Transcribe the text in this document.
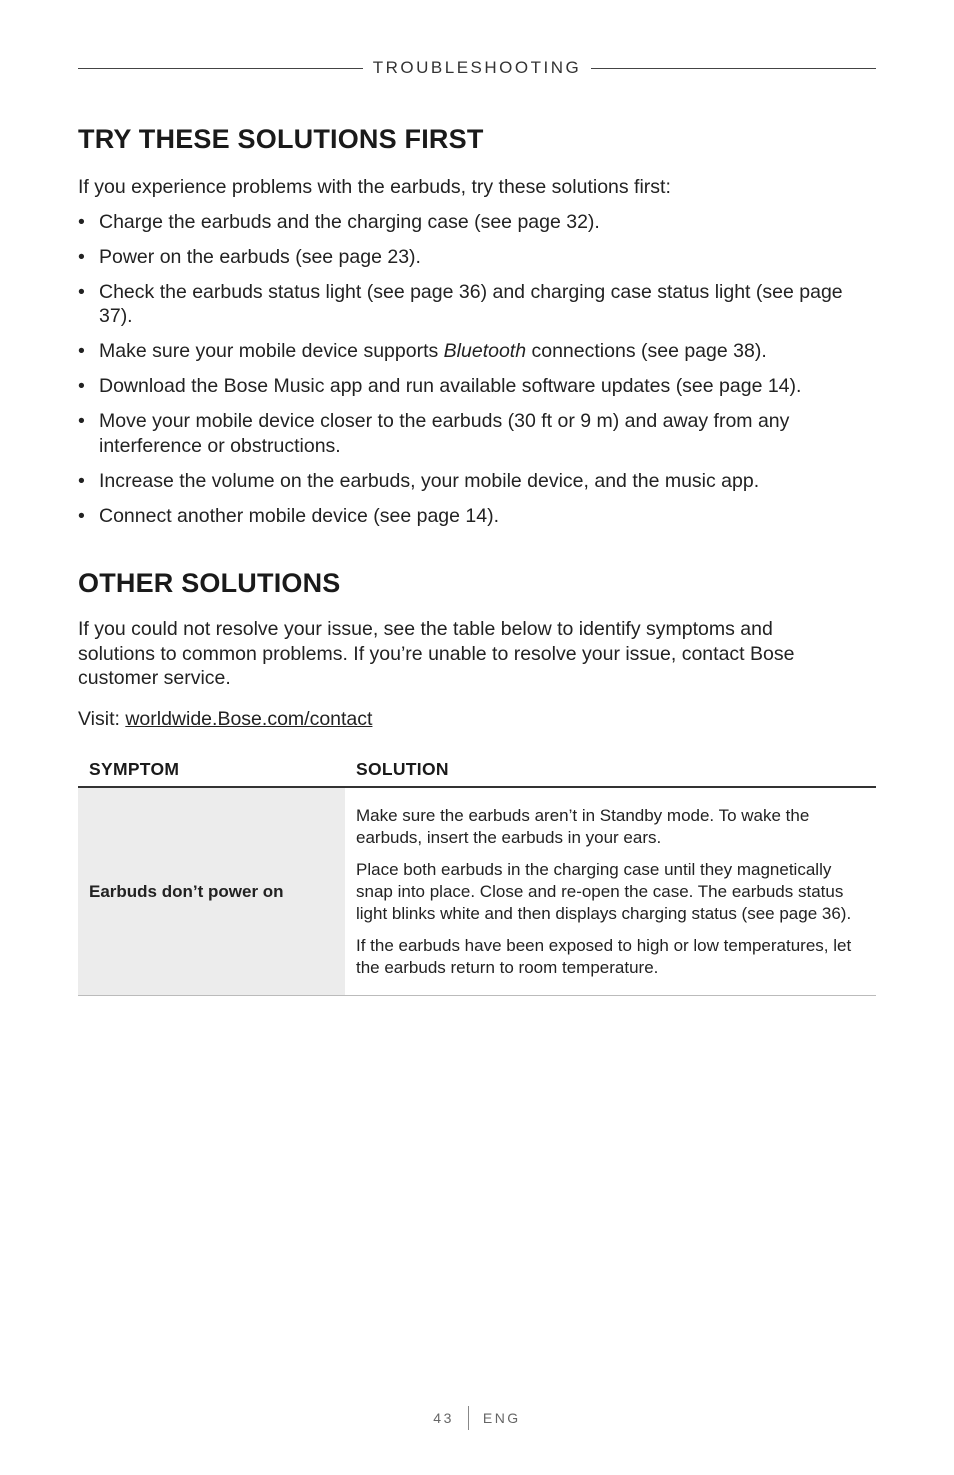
TROUBLESHOOTING
TRY THESE SOLUTIONS FIRST

If you experience problems with the earbuds, try these solutions first:

• Charge the earbuds and the charging case (see page 32).
• Power on the earbuds (see page 23).
• Check the earbuds status light (see page 36) and charging case status light (see page 37).
• Make sure your mobile device supports Bluetooth connections (see page 38).
• Download the Bose Music app and run available software updates (see page 14).
• Move your mobile device closer to the earbuds (30 ft or 9 m) and away from any interference or obstructions.
• Increase the volume on the earbuds, your mobile device, and the music app.
• Connect another mobile device (see page 14).
OTHER SOLUTIONS

If you could not resolve your issue, see the table below to identify symptoms and solutions to common problems. If you’re unable to resolve your issue, contact Bose customer service.

Visit: worldwide.Bose.com/contact

SYMPTOM	SOLUTION
Earbuds don’t power on	Make sure the earbuds aren’t in Standby mode. To wake the earbuds, insert the earbuds in your ears.

Place both earbuds in the charging case until they magnetically snap into place. Close and re-open the case. The earbuds status light blinks white and then displays charging status (see page 36).

If the earbuds have been exposed to high or low temperatures, let the earbuds return to room temperature.

43 ENG
